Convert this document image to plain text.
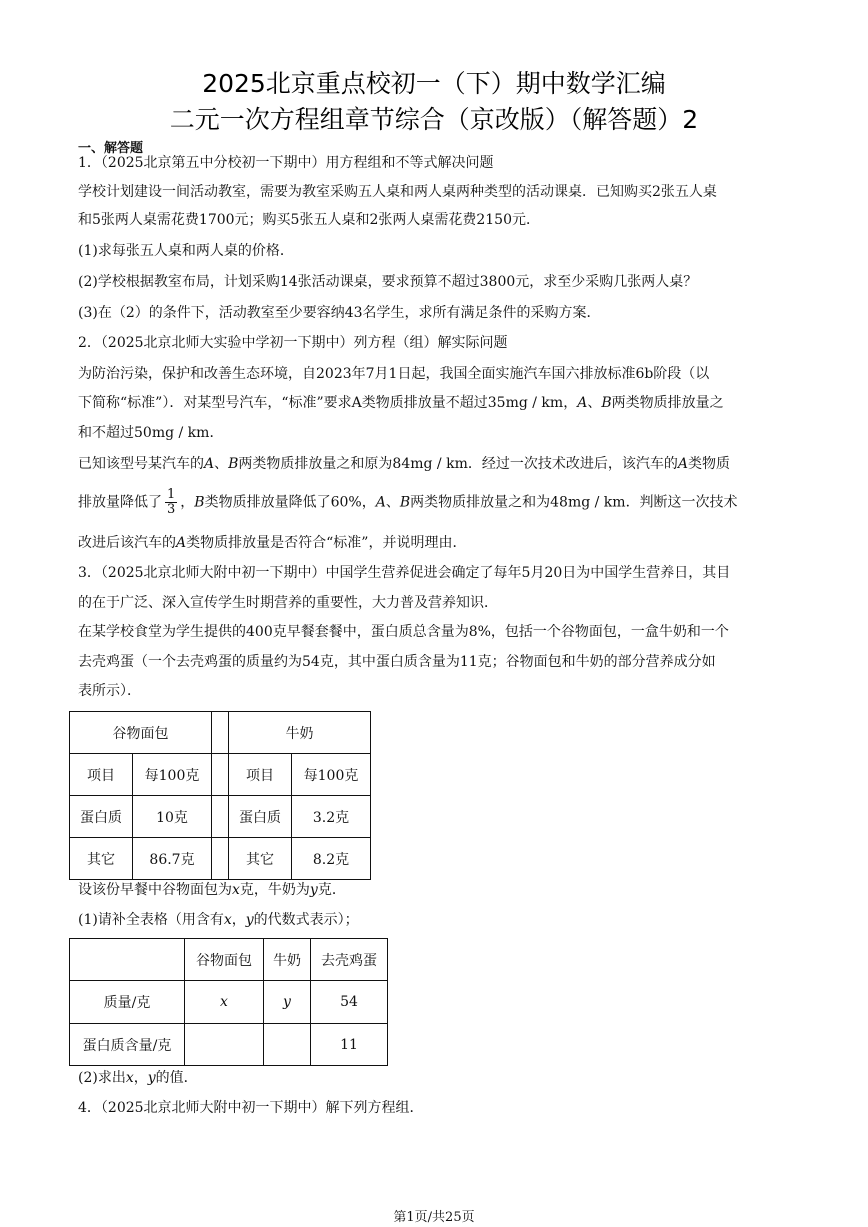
2025北京重点校初一（下）期中数学汇编
二元一次方程组章节综合（京改版）（解答题）2
一、解答题
1．（2025北京第五中分校初一下期中）用方程组和不等式解决问题
学校计划建设一间活动教室，需要为教室采购五人桌和两人桌两种类型的活动课桌．已知购买2张五人桌
和5张两人桌需花费1700元；购买5张五人桌和2张两人桌需花费2150元．
(1)求每张五人桌和两人桌的价格．
(2)学校根据教室布局，计划采购14张活动课桌，要求预算不超过3800元，求至少采购几张两人桌？
(3)在（2）的条件下，活动教室至少要容纳43名学生，求所有满足条件的采购方案．
2．（2025北京北师大实验中学初一下期中）列方程（组）解实际问题
为防治污染，保护和改善生态环境，自2023年7月1日起，我国全面实施汽车国六排放标准6b阶段（以
下简称“标准”）．对某型号汽车，“标准”要求A类物质排放量不超过35mg / km，A、B两类物质排放量之
和不超过50mg / km．
已知该型号某汽车的A、B两类物质排放量之和原为84mg / km．经过一次技术改进后，该汽车的A类物质
排放量降低了 $\frac{1}{3}$ ，B类物质排放量降低了60%，A、B两类物质排放量之和为48mg / km．判断这一次技术
改进后该汽车的A类物质排放量是否符合“标准”，并说明理由．
3．（2025北京北师大附中初一下期中）中国学生营养促进会确定了每年5月20日为中国学生营养日，其目
的在于广泛、深入宣传学生时期营养的重要性，大力普及营养知识．
在某学校食堂为学生提供的400克早餐套餐中，蛋白质总含量为8%，包括一个谷物面包，一盒牛奶和一个
去壳鸡蛋（一个去壳鸡蛋的质量约为54克，其中蛋白质含量为11克；谷物面包和牛奶的部分营养成分如
表所示）．
谷物面包			牛奶	
项目	每100克		项目	每100克
蛋白质	10克		蛋白质	3.2克
其它	86.7克		其它	8.2克
设该份早餐中谷物面包为x克，牛奶为y克．
(1)请补全表格（用含有x，y的代数式表示）；
	谷物面包	牛奶	去壳鸡蛋
质量/克	x	y	54
蛋白质含量/克			11
(2)求出x，y的值．
4．（2025北京北师大附中初一下期中）解下列方程组．
第1页/共25页
